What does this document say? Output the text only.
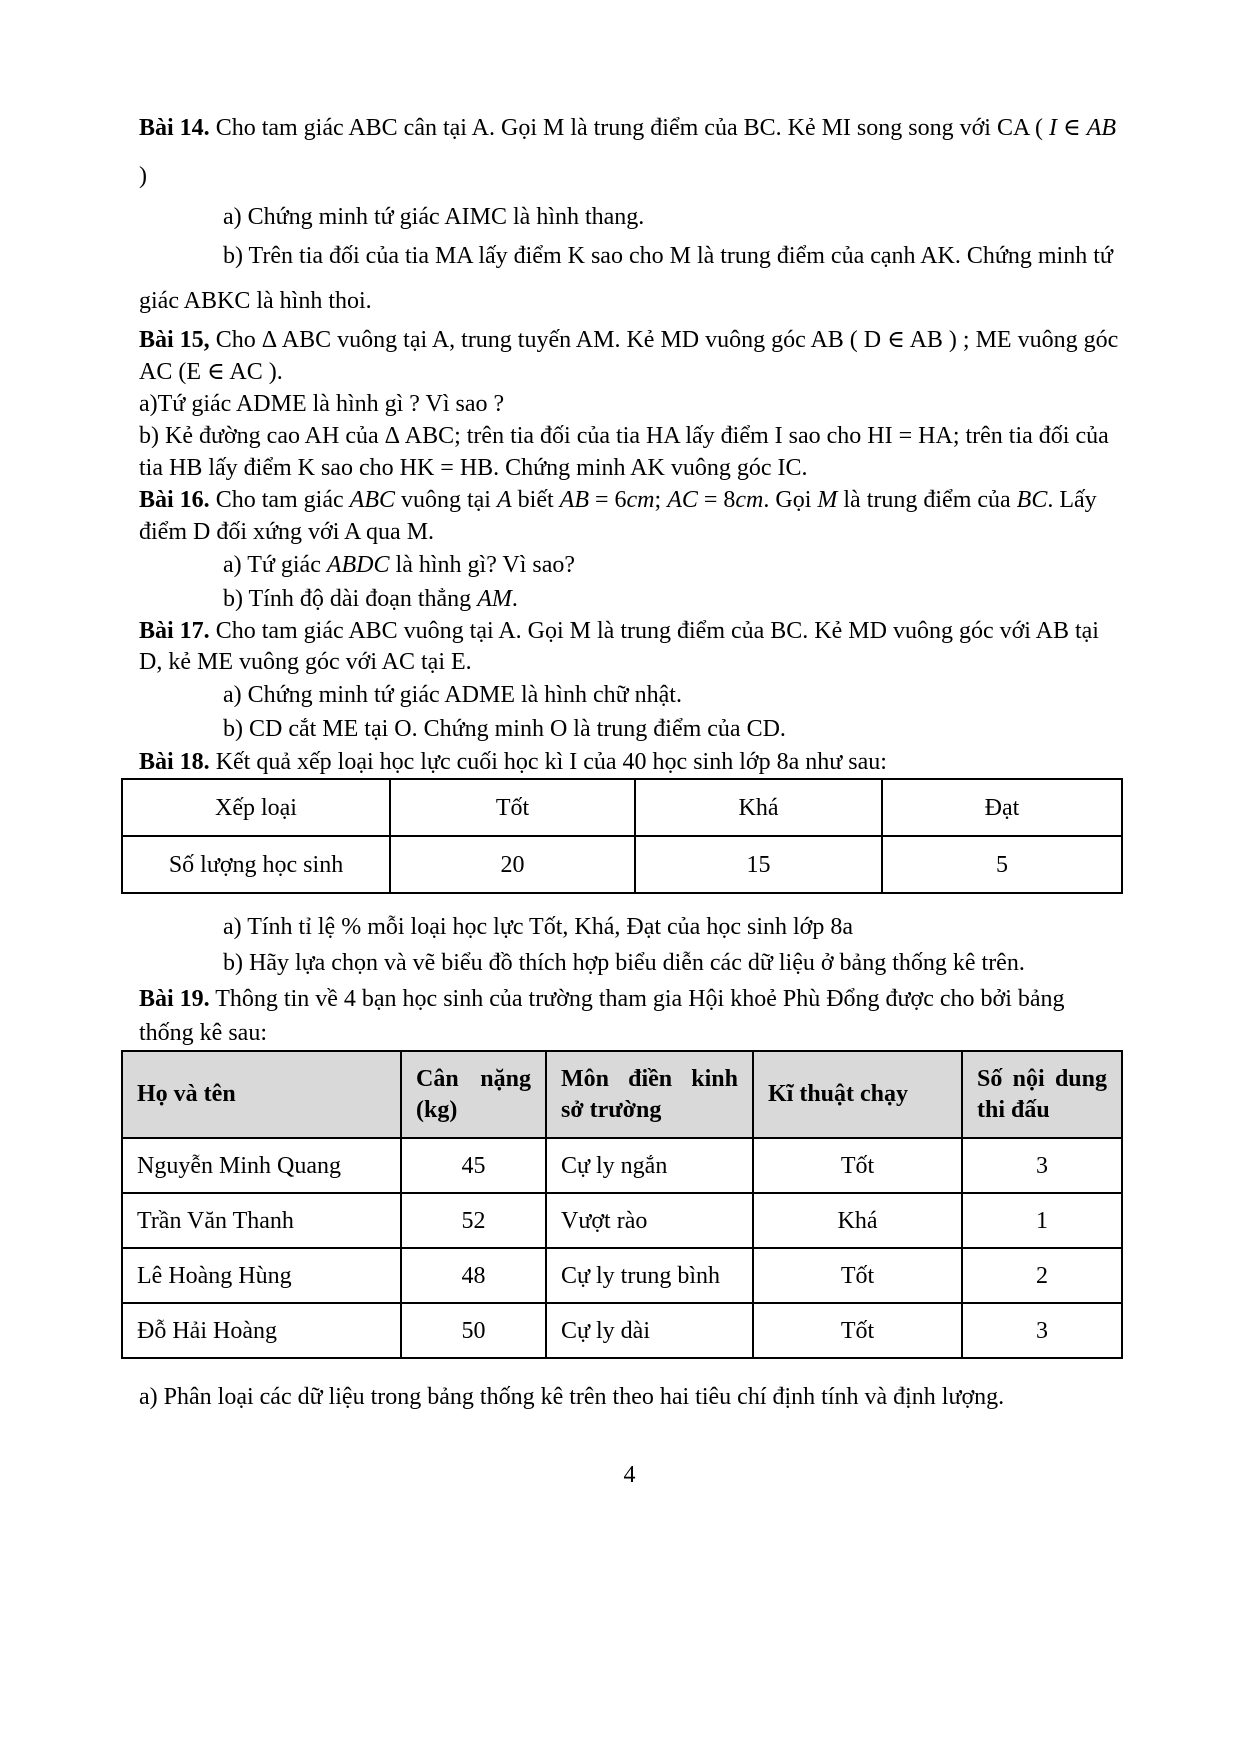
Bài 14. Cho tam giác ABC cân tại A. Gọi M là trung điểm của BC. Kẻ MI song song với CA ( I ∈ AB )

a) Chứng minh tứ giác AIMC là hình thang.

b) Trên tia đối của tia MA lấy điểm K sao cho M là trung điểm của cạnh AK. Chứng minh tứ giác ABKC là hình thoi.

Bài 15, Cho Δ ABC vuông tại A, trung tuyến AM. Kẻ MD vuông góc AB ( D ∈ AB ) ; ME vuông góc AC (E ∈ AC ).

a)Tứ giác ADME là hình gì ? Vì sao ?

b) Kẻ đường cao AH của Δ ABC; trên tia đối của tia HA lấy điểm I sao cho HI = HA; trên tia đối của tia HB lấy điểm K sao cho HK = HB. Chứng minh AK vuông góc IC.

Bài 16. Cho tam giác ABC vuông tại A biết AB = 6cm; AC = 8cm. Gọi M là trung điểm của BC. Lấy điểm D đối xứng với A qua M.

a) Tứ giác ABDC là hình gì? Vì sao?

b) Tính độ dài đoạn thẳng AM.

Bài 17. Cho tam giác ABC vuông tại A. Gọi M là trung điểm của BC. Kẻ MD vuông góc với AB tại D, kẻ ME vuông góc với AC tại E.

a) Chứng minh tứ giác ADME là hình chữ nhật.

b) CD cắt ME tại O. Chứng minh O là trung điểm của CD.

Bài 18. Kết quả xếp loại học lực cuối học kì I của 40 học sinh lớp 8a như sau:

Xếp loại	Tốt	Khá	Đạt
Số lượng học sinh	20	15	5

a) Tính tỉ lệ % mỗi loại học lực Tốt, Khá, Đạt của học sinh lớp 8a

b) Hãy lựa chọn và vẽ biểu đồ thích hợp biểu diễn các dữ liệu ở bảng thống kê trên.

Bài 19. Thông tin về 4 bạn học sinh của trường tham gia Hội khoẻ Phù Đổng được cho bởi bảng thống kê sau:

Họ và tên	Cân nặng (kg)	Môn điền kinh sở trường	Kĩ thuật chạy	Số nội dung thi đấu
Nguyễn Minh Quang	45	Cự ly ngắn	Tốt	3
Trần Văn Thanh	52	Vượt rào	Khá	1
Lê Hoàng Hùng	48	Cự ly trung bình	Tốt	2
Đỗ Hải Hoàng	50	Cự ly dài	Tốt	3

a) Phân loại các dữ liệu trong bảng thống kê trên theo hai tiêu chí định tính và định lượng.

4
